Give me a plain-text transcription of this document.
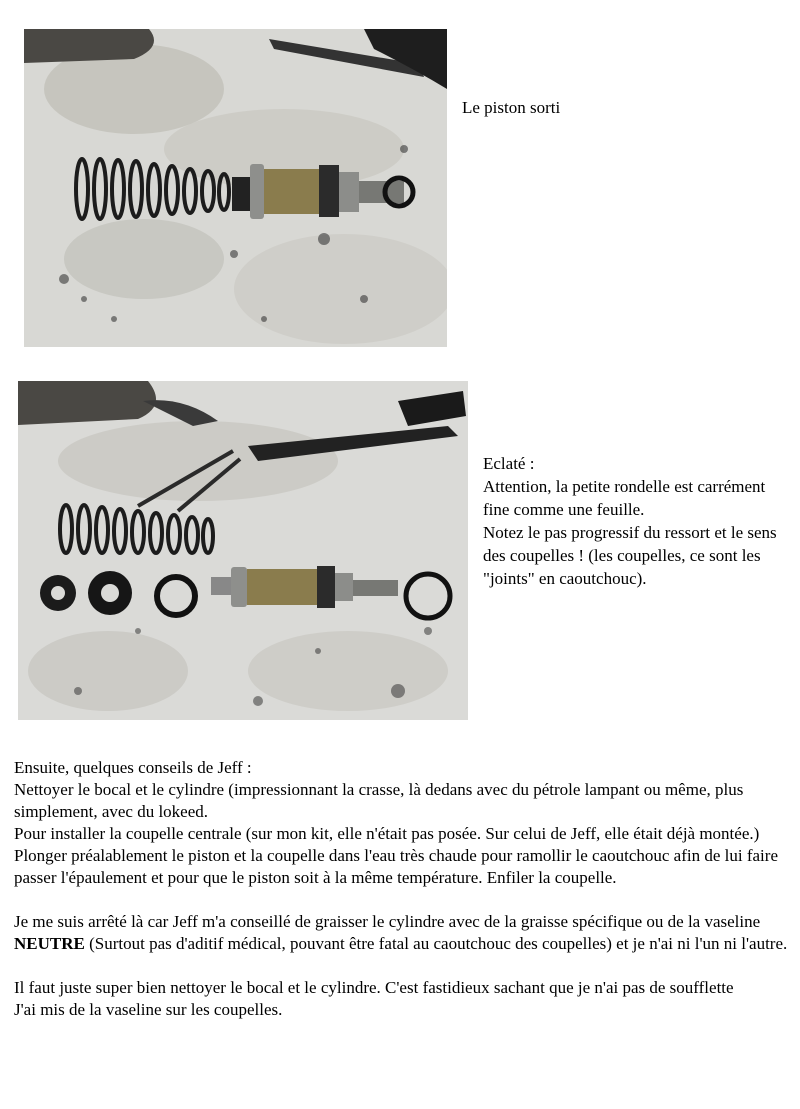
Le piston sorti
Eclaté :
Attention, la petite rondelle est carrément fine comme une feuille.
Notez le pas progressif du ressort et le sens des coupelles ! (les coupelles, ce sont les "joints" en caoutchouc).

Ensuite, quelques conseils de Jeff :

Nettoyer le bocal et le cylindre (impressionnant la crasse, là dedans avec du pétrole lampant ou même, plus simplement, avec du lokeed.

Pour installer la coupelle centrale (sur mon kit, elle n'était pas posée. Sur celui de Jeff, elle était déjà montée.) Plonger préalablement le piston et la coupelle dans l'eau très chaude pour ramollir le caoutchouc afin de lui faire passer l'épaulement et pour que le piston soit à la même température. Enfiler la coupelle.

Je me suis arrêté là car Jeff m'a conseillé de graisser le cylindre avec de la graisse spécifique ou de la vaseline NEUTRE (Surtout pas d'aditif médical, pouvant être fatal au caoutchouc des coupelles) et je n'ai ni l'un ni l'autre.

Il faut juste super bien nettoyer le bocal et le cylindre. C'est fastidieux sachant que je n'ai pas de soufflette

J'ai mis de la vaseline sur les coupelles.
